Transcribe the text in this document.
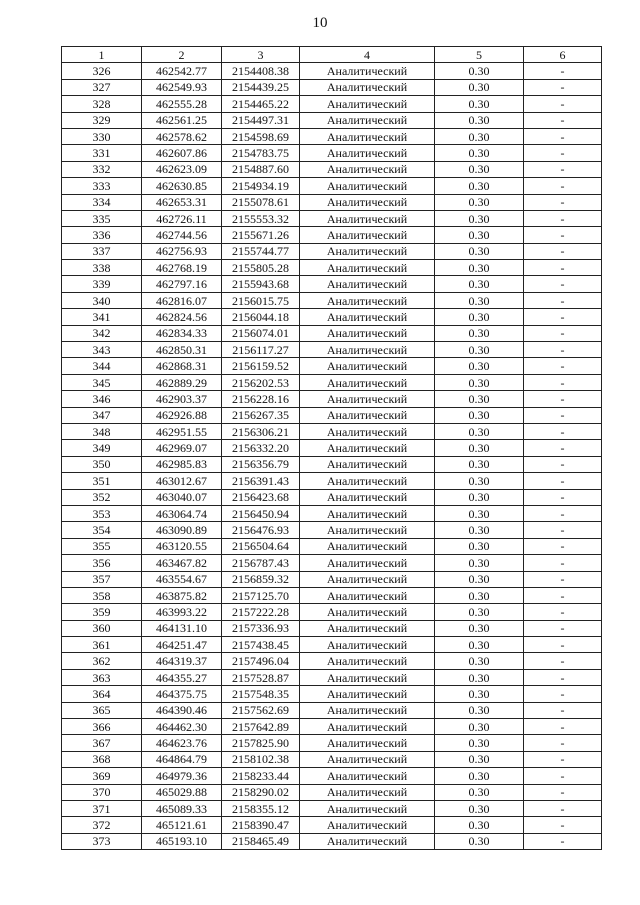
10
1	2	3	4	5	6
326	462542.77	2154408.38	Аналитический	0.30	-
327	462549.93	2154439.25	Аналитический	0.30	-
328	462555.28	2154465.22	Аналитический	0.30	-
329	462561.25	2154497.31	Аналитический	0.30	-
330	462578.62	2154598.69	Аналитический	0.30	-
331	462607.86	2154783.75	Аналитический	0.30	-
332	462623.09	2154887.60	Аналитический	0.30	-
333	462630.85	2154934.19	Аналитический	0.30	-
334	462653.31	2155078.61	Аналитический	0.30	-
335	462726.11	2155553.32	Аналитический	0.30	-
336	462744.56	2155671.26	Аналитический	0.30	-
337	462756.93	2155744.77	Аналитический	0.30	-
338	462768.19	2155805.28	Аналитический	0.30	-
339	462797.16	2155943.68	Аналитический	0.30	-
340	462816.07	2156015.75	Аналитический	0.30	-
341	462824.56	2156044.18	Аналитический	0.30	-
342	462834.33	2156074.01	Аналитический	0.30	-
343	462850.31	2156117.27	Аналитический	0.30	-
344	462868.31	2156159.52	Аналитический	0.30	-
345	462889.29	2156202.53	Аналитический	0.30	-
346	462903.37	2156228.16	Аналитический	0.30	-
347	462926.88	2156267.35	Аналитический	0.30	-
348	462951.55	2156306.21	Аналитический	0.30	-
349	462969.07	2156332.20	Аналитический	0.30	-
350	462985.83	2156356.79	Аналитический	0.30	-
351	463012.67	2156391.43	Аналитический	0.30	-
352	463040.07	2156423.68	Аналитический	0.30	-
353	463064.74	2156450.94	Аналитический	0.30	-
354	463090.89	2156476.93	Аналитический	0.30	-
355	463120.55	2156504.64	Аналитический	0.30	-
356	463467.82	2156787.43	Аналитический	0.30	-
357	463554.67	2156859.32	Аналитический	0.30	-
358	463875.82	2157125.70	Аналитический	0.30	-
359	463993.22	2157222.28	Аналитический	0.30	-
360	464131.10	2157336.93	Аналитический	0.30	-
361	464251.47	2157438.45	Аналитический	0.30	-
362	464319.37	2157496.04	Аналитический	0.30	-
363	464355.27	2157528.87	Аналитический	0.30	-
364	464375.75	2157548.35	Аналитический	0.30	-
365	464390.46	2157562.69	Аналитический	0.30	-
366	464462.30	2157642.89	Аналитический	0.30	-
367	464623.76	2157825.90	Аналитический	0.30	-
368	464864.79	2158102.38	Аналитический	0.30	-
369	464979.36	2158233.44	Аналитический	0.30	-
370	465029.88	2158290.02	Аналитический	0.30	-
371	465089.33	2158355.12	Аналитический	0.30	-
372	465121.61	2158390.47	Аналитический	0.30	-
373	465193.10	2158465.49	Аналитический	0.30	-
